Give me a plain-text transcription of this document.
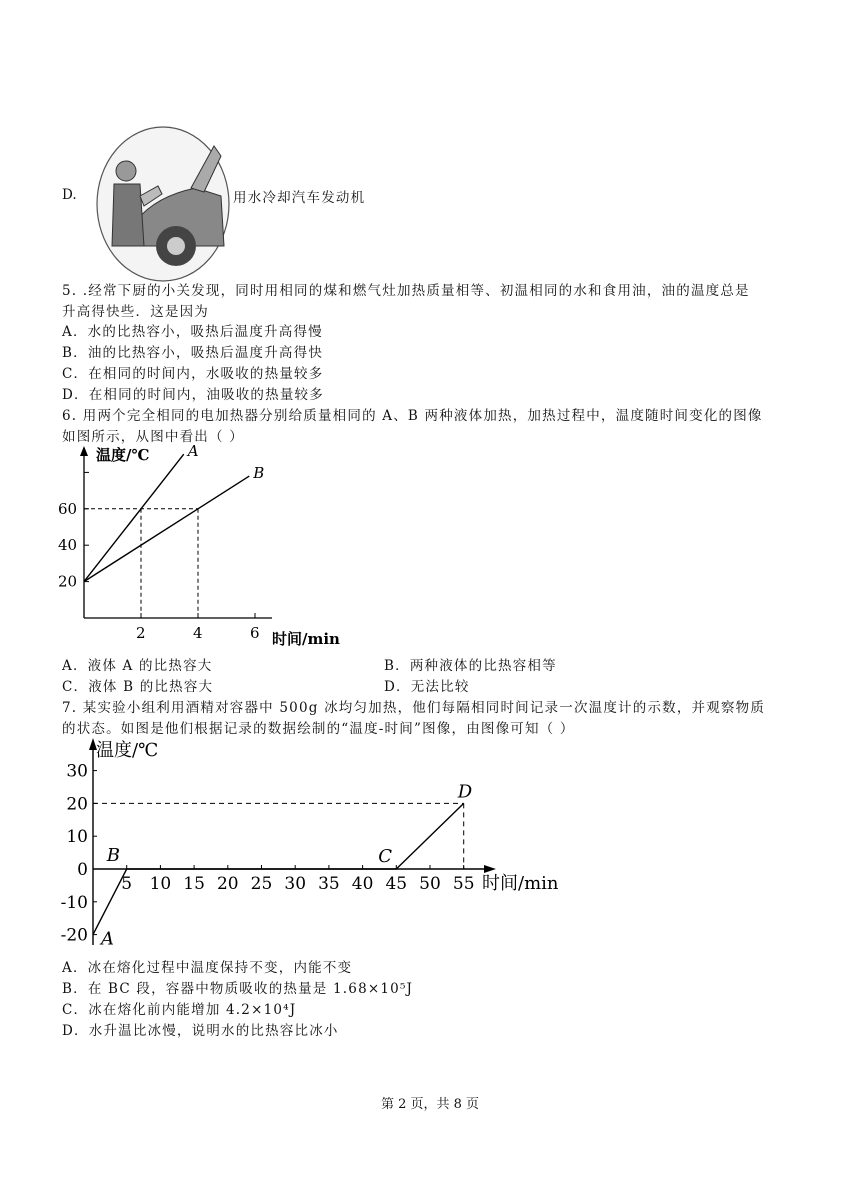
D.	用水冷却汽车发动机
5. .经常下厨的小关发现，同时用相同的煤和燃气灶加热质量相等、初温相同的水和食用油，油的温度总是
升高得快些．这是因为
A．水的比热容小，吸热后温度升高得慢
B．油的比热容小，吸热后温度升高得快
C．在相同的时间内，水吸收的热量较多
D．在相同的时间内，油吸收的热量较多
6. 用两个完全相同的电加热器分别给质量相同的 A、B 两种液体加热，加热过程中，温度随时间变化的图像
如图所示，从图中看出（ ）
温度/℃
时间/min
20
40
60
2	4	6
A
B
A．液体 A 的比热容大	B．两种液体的比热容相等
C．液体 B 的比热容大	D．无法比较
7. 某实验小组利用酒精对容器中 500g 冰均匀加热，他们每隔相同时间记录一次温度计的示数，并观察物质
的状态。如图是他们根据记录的数据绘制的“温度-时间”图像，由图像可知（ ）
温度/℃
时间/min
30
20
10
0
-10
-20
5 10 15 20 25 30 35 40 45 50 55
A
B	C
D
A．冰在熔化过程中温度保持不变，内能不变
B．在 BC 段，容器中物质吸收的热量是 1.68×10⁵J
C．冰在熔化前内能增加 4.2×10⁴J
D．水升温比冰慢，说明水的比热容比冰小
第 2 页，共 8 页
